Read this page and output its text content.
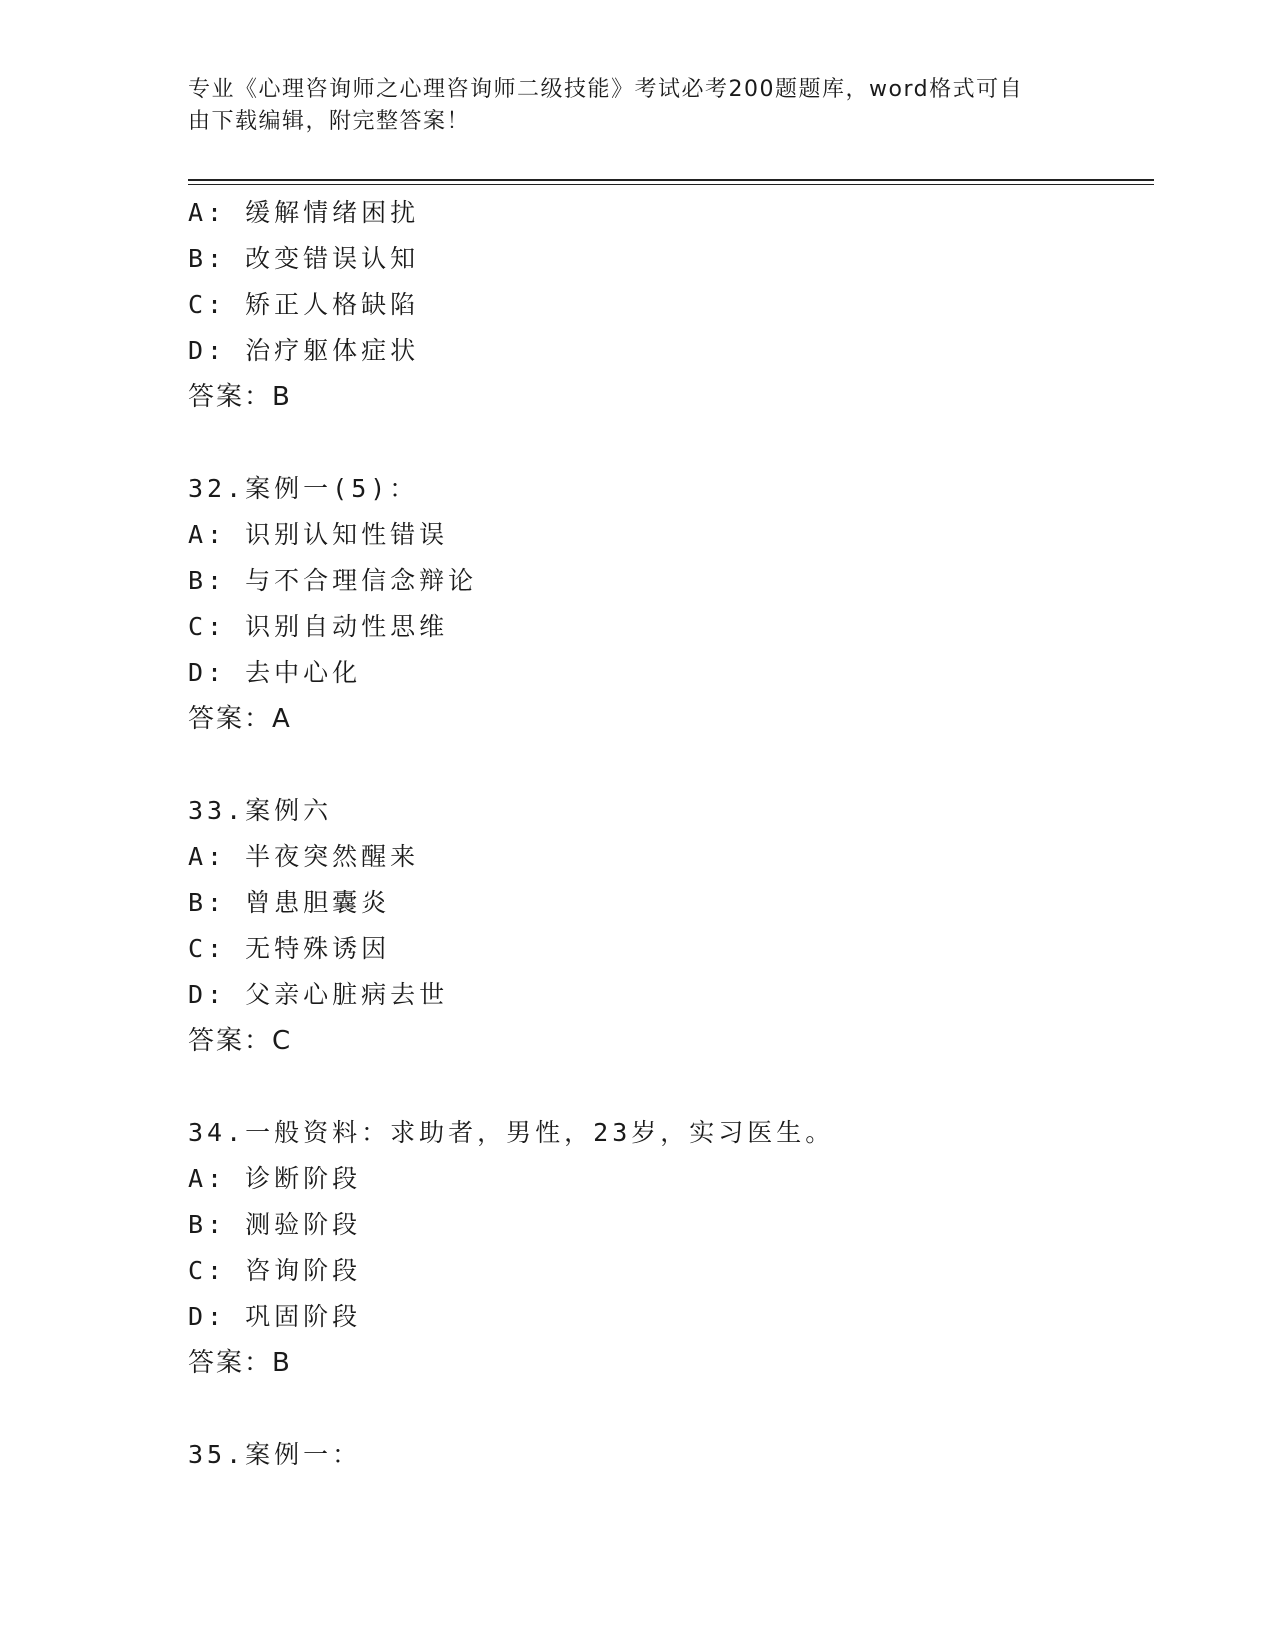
专业《心理咨询师之心理咨询师二级技能》考试必考200题题库，word格式可自
由下载编辑，附完整答案！
A: 缓解情绪困扰
B: 改变错误认知
C: 矫正人格缺陷
D: 治疗躯体症状
答案：B
32.案例一(5)：
A: 识别认知性错误
B: 与不合理信念辩论
C: 识别自动性思维
D: 去中心化
答案：A
33.案例六
A: 半夜突然醒来
B: 曾患胆囊炎
C: 无特殊诱因
D: 父亲心脏病去世
答案：C
34.一般资料：求助者，男性，23岁，实习医生。
A: 诊断阶段
B: 测验阶段
C: 咨询阶段
D: 巩固阶段
答案：B
35.案例一：
